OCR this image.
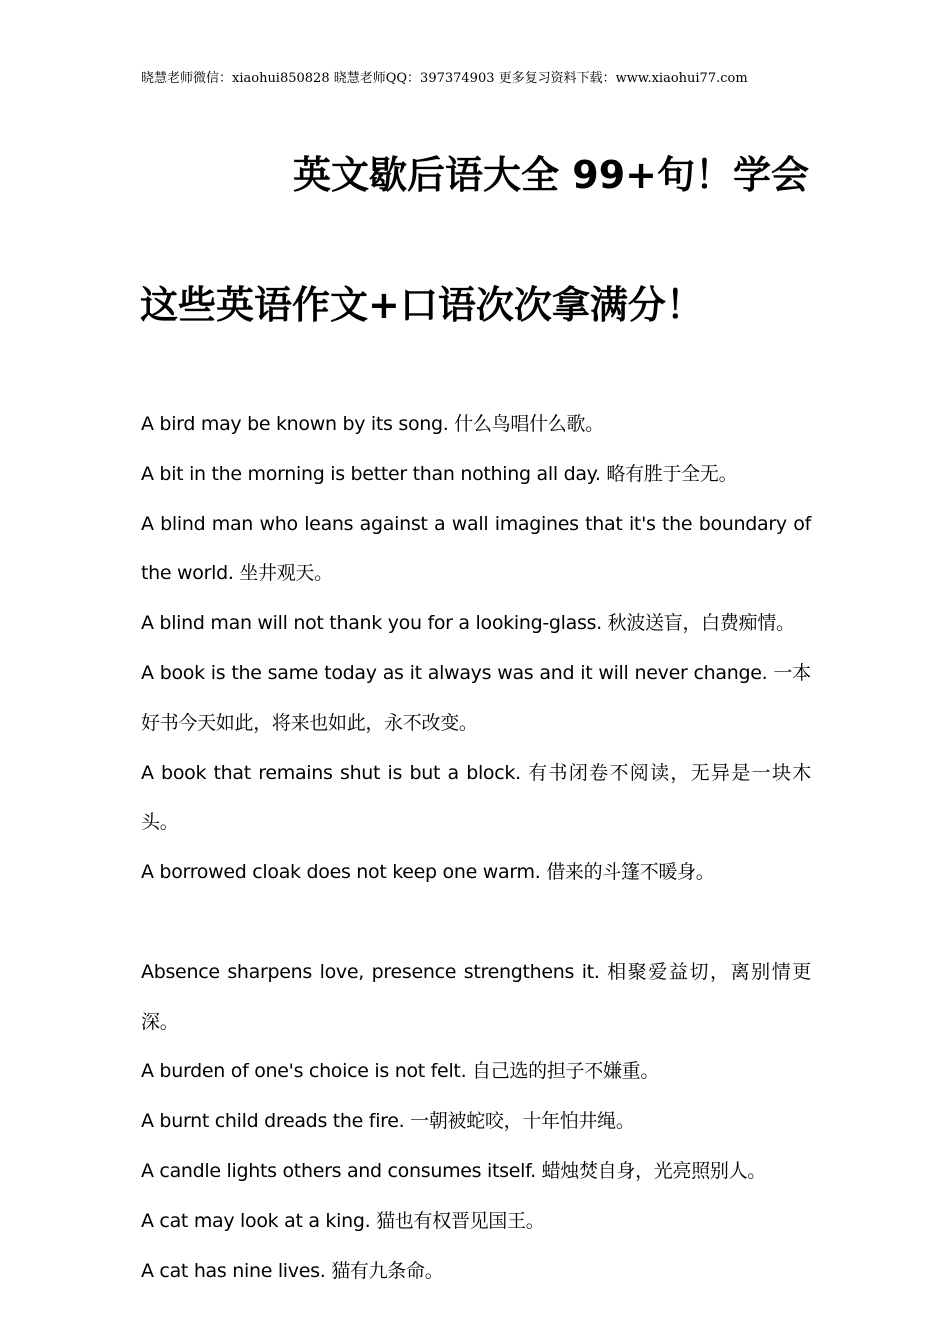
晓慧老师微信：xiaohui850828 晓慧老师QQ：397374903 更多复习资料下载：www.xiaohui77.com
英文歇后语大全 99+句！学会
这些英语作文+口语次次拿满分！

A bird may be known by its song. 什么鸟唱什么歌。

A bit in the morning is better than nothing all day. 略有胜于全无。

A blind man who leans against a wall imagines that it's the boundary of the world. 坐井观天。

A blind man will not thank you for a looking-glass. 秋波送盲，白费痴情。

A book is the same today as it always was and it will never change. 一本好书今天如此，将来也如此，永不改变。

A book that remains shut is but a block. 有书闭卷不阅读，无异是一块木头。

A borrowed cloak does not keep one warm. 借来的斗篷不暖身。

Absence sharpens love, presence strengthens it. 相聚爱益切，离别情更深。

A burden of one's choice is not felt. 自己选的担子不嫌重。

A burnt child dreads the fire. 一朝被蛇咬，十年怕井绳。

A candle lights others and consumes itself. 蜡烛焚自身，光亮照别人。

A cat may look at a king. 猫也有权晋见国王。

A cat has nine lives. 猫有九条命。
